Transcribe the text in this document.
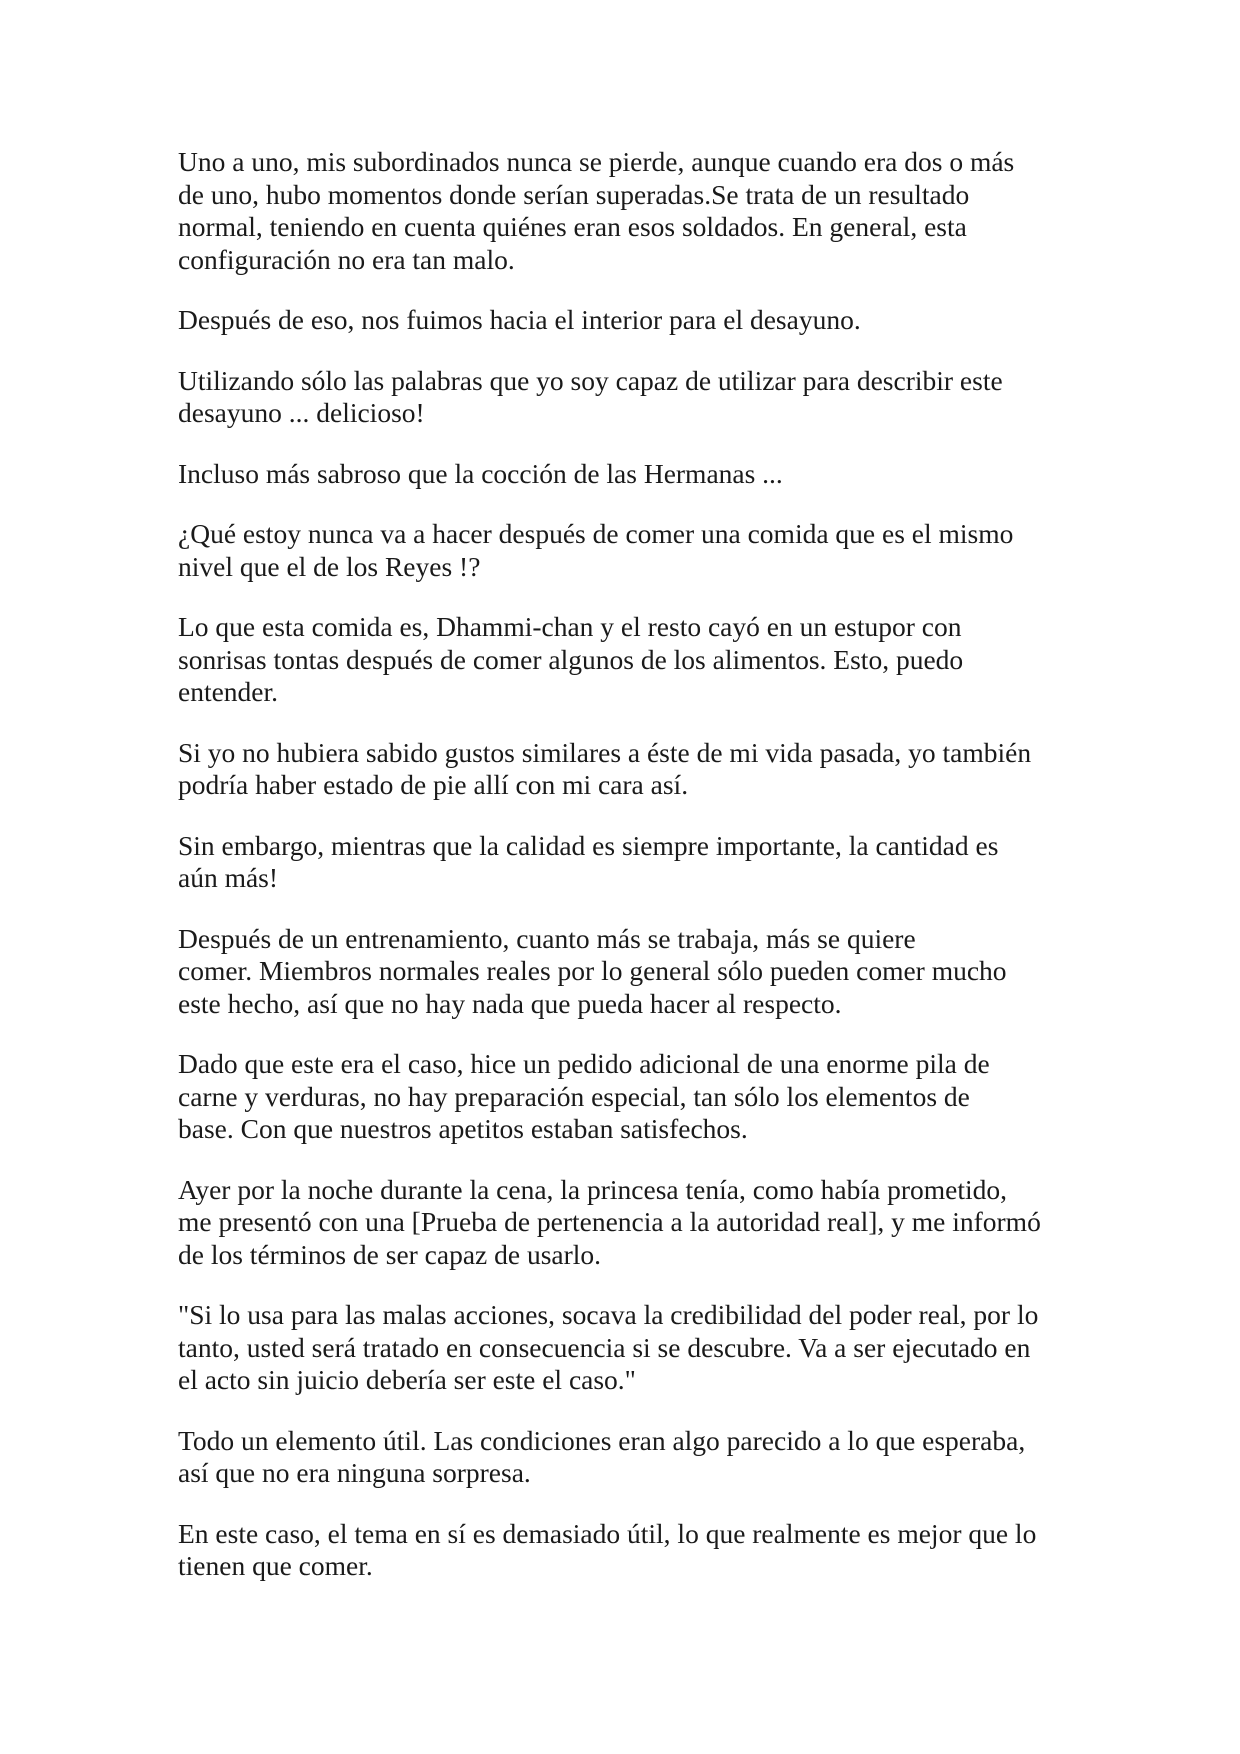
Uno a uno, mis subordinados nunca se pierde, aunque cuando era dos o más
de uno, hubo momentos donde serían superadas.Se trata de un resultado
normal, teniendo en cuenta quiénes eran esos soldados. En general, esta
configuración no era tan malo.

Después de eso, nos fuimos hacia el interior para el desayuno.

Utilizando sólo las palabras que yo soy capaz de utilizar para describir este
desayuno ... delicioso!

Incluso más sabroso que la cocción de las Hermanas ...

¿Qué estoy nunca va a hacer después de comer una comida que es el mismo
nivel que el de los Reyes !?

Lo que esta comida es, Dhammi-chan y el resto cayó en un estupor con
sonrisas tontas después de comer algunos de los alimentos. Esto, puedo
entender.

Si yo no hubiera sabido gustos similares a éste de mi vida pasada, yo también
podría haber estado de pie allí con mi cara así.

Sin embargo, mientras que la calidad es siempre importante, la cantidad es
aún más!

Después de un entrenamiento, cuanto más se trabaja, más se quiere
comer. Miembros normales reales por lo general sólo pueden comer mucho
este hecho, así que no hay nada que pueda hacer al respecto.

Dado que este era el caso, hice un pedido adicional de una enorme pila de
carne y verduras, no hay preparación especial, tan sólo los elementos de
base. Con que nuestros apetitos estaban satisfechos.

Ayer por la noche durante la cena, la princesa tenía, como había prometido,
me presentó con una [Prueba de pertenencia a la autoridad real], y me informó
de los términos de ser capaz de usarlo.

"Si lo usa para las malas acciones, socava la credibilidad del poder real, por lo
tanto, usted será tratado en consecuencia si se descubre. Va a ser ejecutado en
el acto sin juicio debería ser este el caso."

Todo un elemento útil. Las condiciones eran algo parecido a lo que esperaba,
así que no era ninguna sorpresa.

En este caso, el tema en sí es demasiado útil, lo que realmente es mejor que lo
tienen que comer.
